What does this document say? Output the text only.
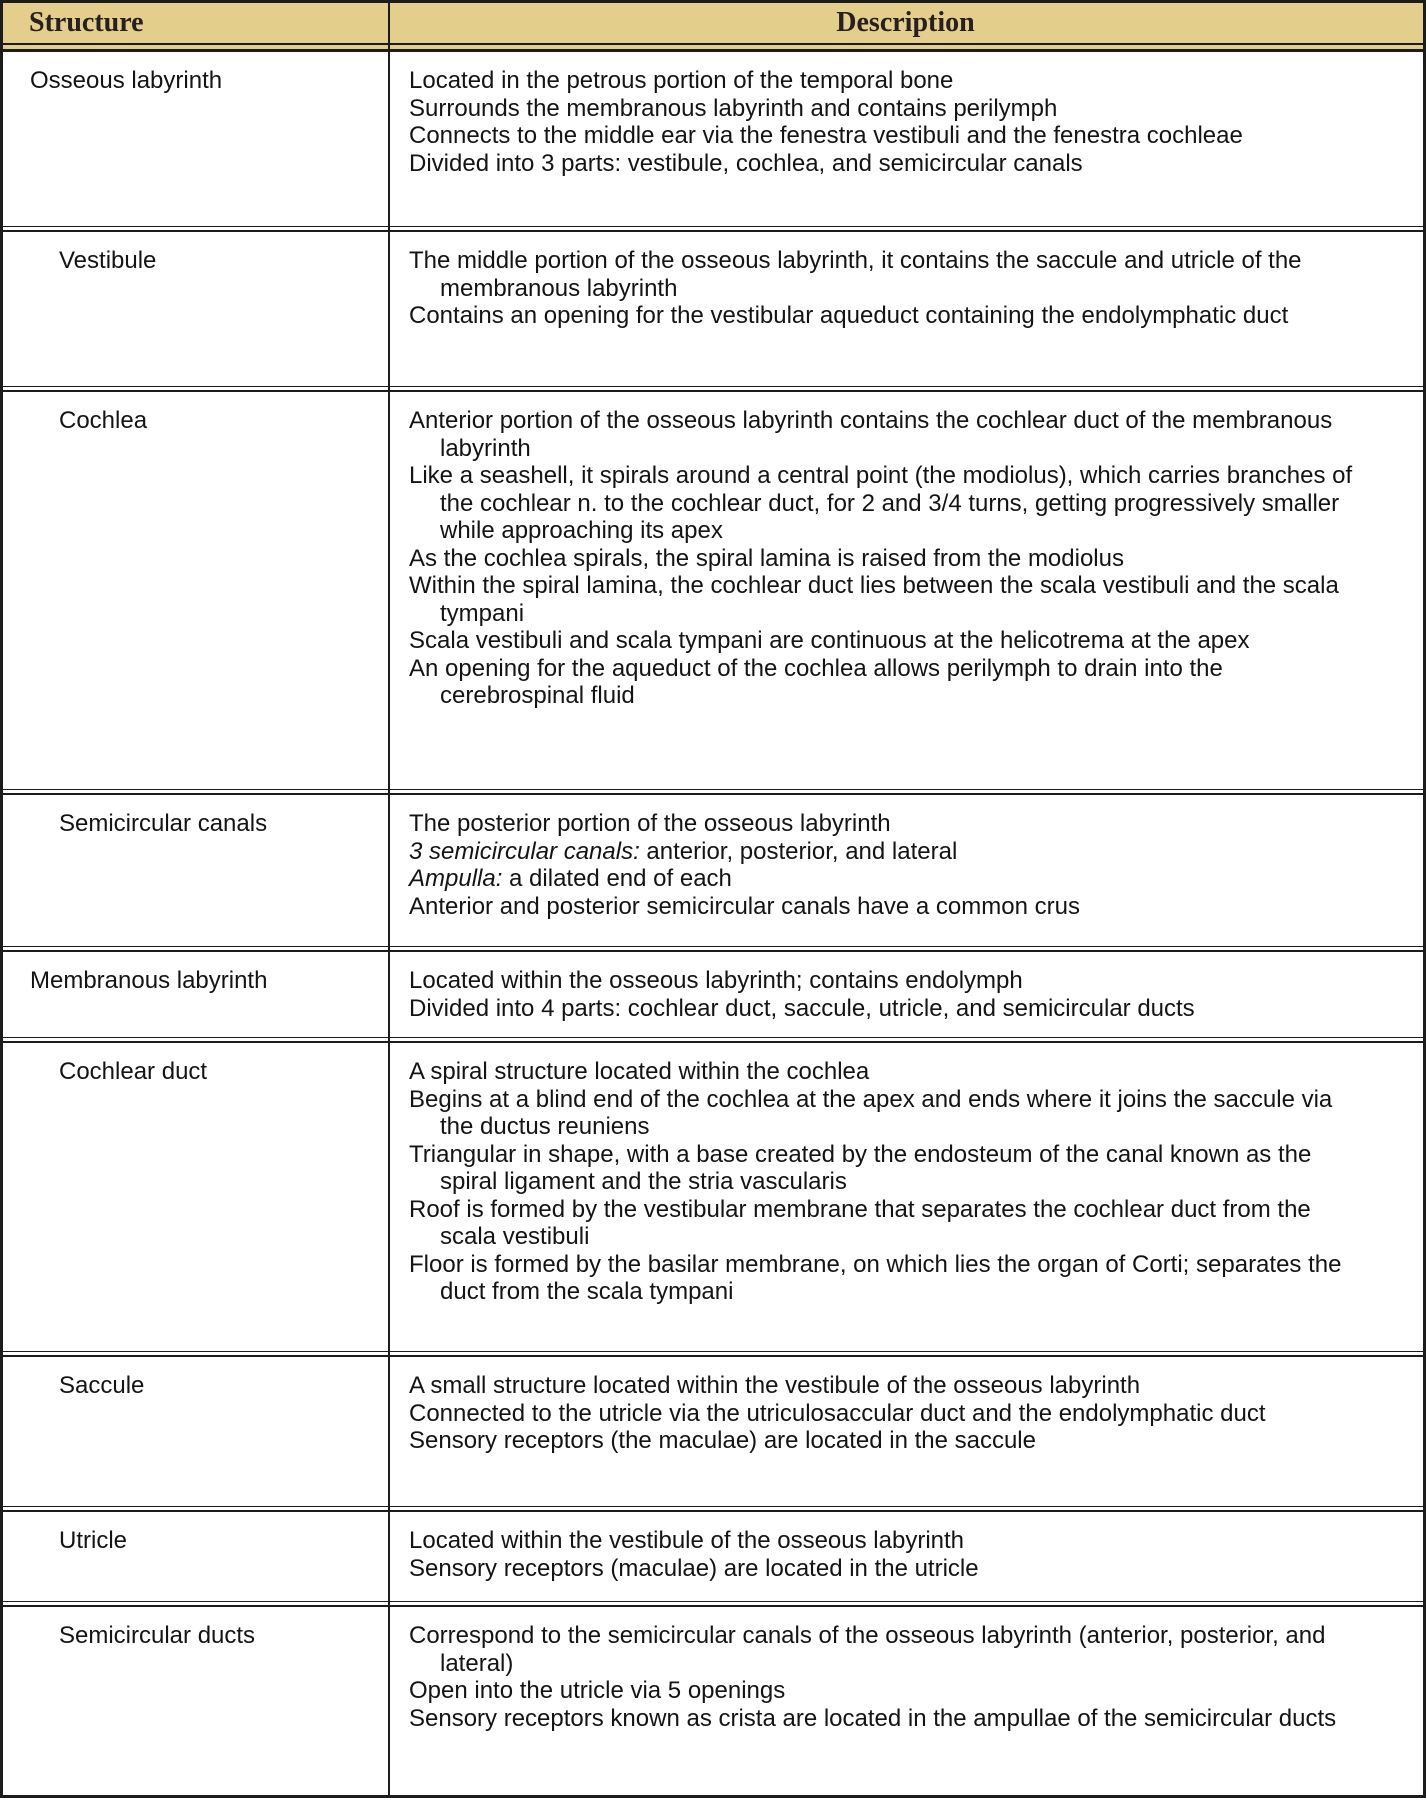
Structure	Description
Osseous labyrinth	Located in the petrous portion of the temporal bone
Surrounds the membranous labyrinth and contains perilymph
Connects to the middle ear via the fenestra vestibuli and the fenestra cochleae
Divided into 3 parts: vestibule, cochlea, and semicircular canals
Vestibule	The middle portion of the osseous labyrinth, it contains the saccule and utricle of the membranous labyrinth
Contains an opening for the vestibular aqueduct containing the endolymphatic duct
Cochlea	Anterior portion of the osseous labyrinth contains the cochlear duct of the membranous labyrinth
Like a seashell, it spirals around a central point (the modiolus), which carries branches of the cochlear n. to the cochlear duct, for 2 and 3/4 turns, getting progressively smaller while approaching its apex
As the cochlea spirals, the spiral lamina is raised from the modiolus
Within the spiral lamina, the cochlear duct lies between the scala vestibuli and the scala tympani
Scala vestibuli and scala tympani are continuous at the helicotrema at the apex
An opening for the aqueduct of the cochlea allows perilymph to drain into the cerebrospinal fluid
Semicircular canals	The posterior portion of the osseous labyrinth
3 semicircular canals: anterior, posterior, and lateral
Ampulla: a dilated end of each
Anterior and posterior semicircular canals have a common crus
Membranous labyrinth	Located within the osseous labyrinth; contains endolymph
Divided into 4 parts: cochlear duct, saccule, utricle, and semicircular ducts
Cochlear duct	A spiral structure located within the cochlea
Begins at a blind end of the cochlea at the apex and ends where it joins the saccule via the ductus reuniens
Triangular in shape, with a base created by the endosteum of the canal known as the spiral ligament and the stria vascularis
Roof is formed by the vestibular membrane that separates the cochlear duct from the scala vestibuli
Floor is formed by the basilar membrane, on which lies the organ of Corti; separates the duct from the scala tympani
Saccule	A small structure located within the vestibule of the osseous labyrinth
Connected to the utricle via the utriculosaccular duct and the endolymphatic duct
Sensory receptors (the maculae) are located in the saccule
Utricle	Located within the vestibule of the osseous labyrinth
Sensory receptors (maculae) are located in the utricle
Semicircular ducts	Correspond to the semicircular canals of the osseous labyrinth (anterior, posterior, and lateral)
Open into the utricle via 5 openings
Sensory receptors known as crista are located in the ampullae of the semicircular ducts
